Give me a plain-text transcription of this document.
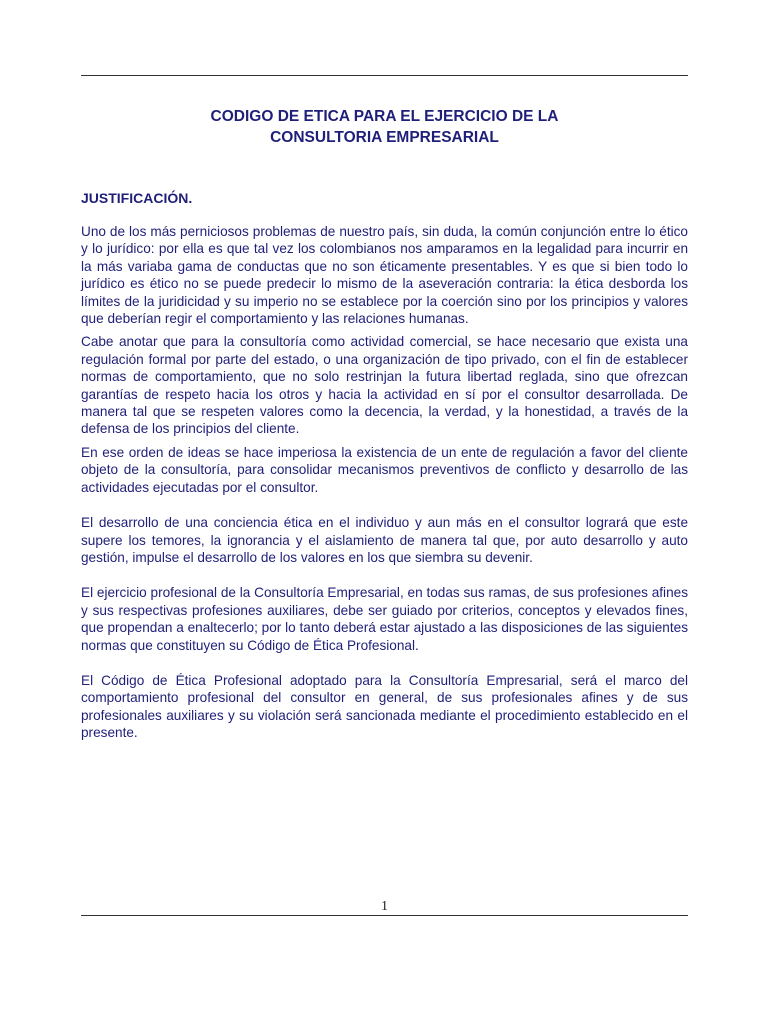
CODIGO DE ETICA PARA EL EJERCICIO DE LA
CONSULTORIA EMPRESARIAL
JUSTIFICACIÓN.

Uno de los más perniciosos problemas de nuestro país, sin duda, la común conjunción entre lo ético y lo jurídico: por ella es que tal vez los colombianos nos amparamos en la legalidad para incurrir en la más variaba gama de conductas que no son éticamente presentables. Y es que si bien todo lo jurídico es ético no se puede predecir lo mismo de la aseveración contraria: la ética desborda los límites de la juridicidad y su imperio no se establece por la coerción sino por los principios y valores que deberían regir el comportamiento y las relaciones humanas.

Cabe anotar que para la consultoría como actividad comercial, se hace necesario que exista una regulación formal por parte del estado, o una organización de tipo privado, con el fin de establecer normas de comportamiento, que no solo restrinjan la futura libertad reglada, sino que ofrezcan garantías de respeto hacia los otros y hacia la actividad en sí por el consultor desarrollada. De manera tal que se respeten valores como la decencia, la verdad, y la honestidad, a través de la defensa de los principios del cliente.

En ese orden de ideas se hace imperiosa la existencia de un ente de regulación a favor del cliente objeto de la consultoría, para consolidar mecanismos preventivos de conflicto y desarrollo de las actividades ejecutadas por el consultor.

El desarrollo de una conciencia ética en el individuo y aun más en el consultor logrará que este supere los temores, la ignorancia y el aislamiento de manera tal que, por auto desarrollo y auto gestión, impulse el desarrollo de los valores en los que siembra su devenir.

El ejercicio profesional de la Consultoría Empresarial, en todas sus ramas, de sus profesiones afines y sus respectivas profesiones auxiliares, debe ser guiado por criterios, conceptos y elevados fines, que propendan a enaltecerlo; por lo tanto deberá estar ajustado a las disposiciones de las siguientes normas que constituyen su Código de Ética Profesional.

El Código de Ética Profesional adoptado para la Consultoría Empresarial, será el marco del comportamiento profesional del consultor en general, de sus profesionales afines y de sus profesionales auxiliares y su violación será sancionada mediante el procedimiento establecido en el presente.

1
